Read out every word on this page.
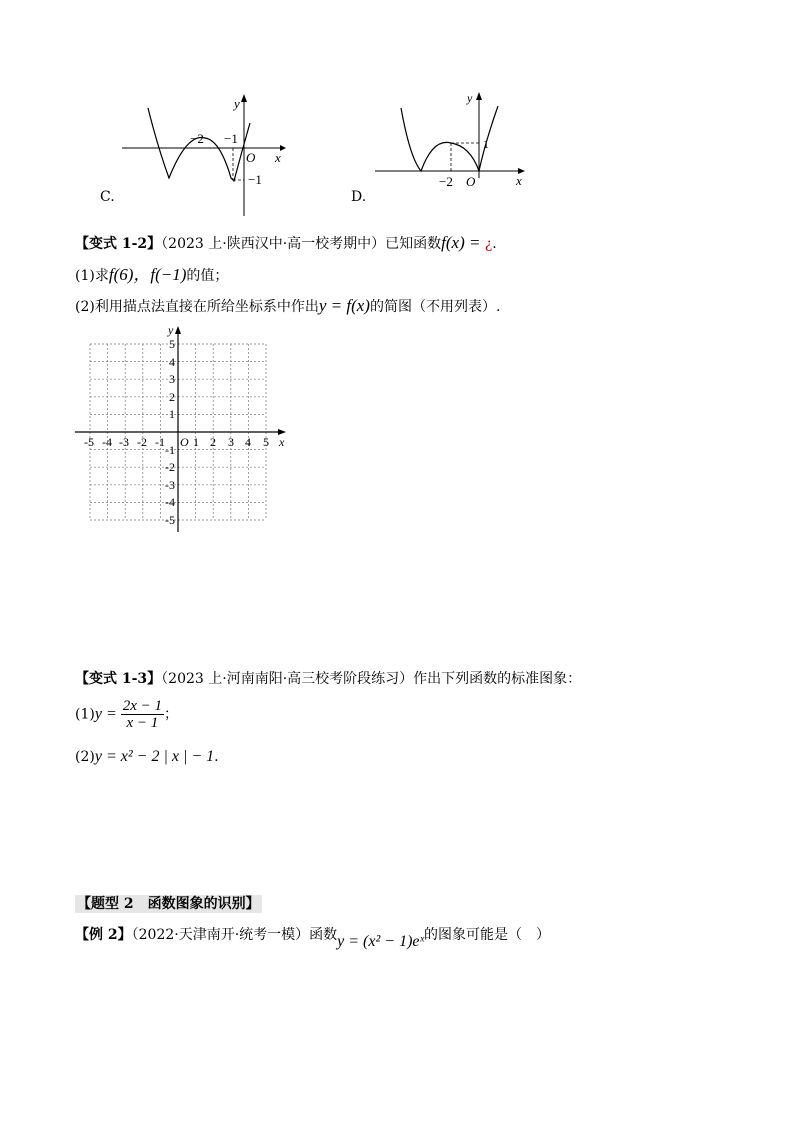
y
x
O
−2 −1
−1
C.
y
x
O
−2
1
D.
【变式 1-2】（2023 上·陕西汉中·高一校考期中）已知函数f(x) = ¿.
(1)求f(6)，f(−1)的值；
(2)利用描点法直接在所给坐标系中作出y = f(x)的简图（不用列表）.
y
x
O
-5 -4 -3 -2 -1 1 2 3 4 5
5
4
3
2
1
-1
-2
-3
-4
-5
【变式 1-3】（2023 上·河南南阳·高三校考阶段练习）作出下列函数的标准图象：
$(1)y = \frac{2x - 1}{x - 1}$ ；
(2)y = x² − 2 | x | − 1.
【题型 2　函数图象的识别】
【例 2】（2022·天津南开·统考一模）函数y = (x² − 1)eˣ的图象可能是（　）
